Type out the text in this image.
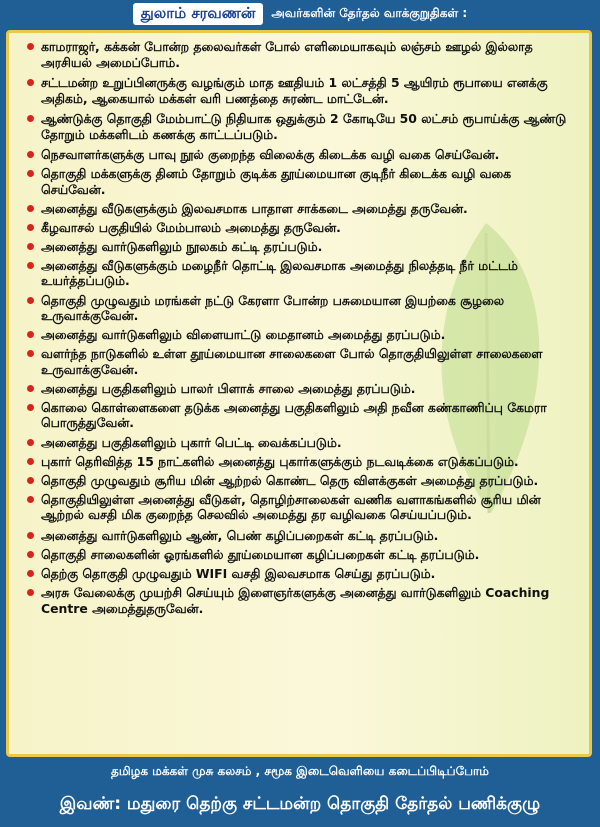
துலாம் சரவணன்	அவர்களின் தேர்தல் வாக்குறுதிகள் :
காமராஜர், கக்கன் போன்ற தலைவர்கள் போல் எளிமையாகவும் லஞ்சம் ஊழல் இல்லாத அரசியல் அமைப்போம்.
சட்டமன்ற உறுப்பினருக்கு வழங்கும் மாத ஊதியம் 1 லட்சத்தி 5 ஆயிரம் ரூபாயை எனக்கு அதிகம், ஆகையால் மக்கள் வரி பணத்தை சுரண்ட மாட்டேன்.
ஆண்டுக்கு தொகுதி மேம்பாட்டு நிதியாக ஒதுக்கும் 2 கோடியே 50 லட்சம் ரூபாய்க்கு ஆண்டு தோறும் மக்களிடம் கணக்கு காட்டப்படும்.
நெசவாளர்களுக்கு பாவு நூல் குறைந்த விலைக்கு கிடைக்க வழி வகை செய்வேன்.
தொகுதி மக்களுக்கு தினம் தோறும் குடிக்க தூய்மையான குடிநீர் கிடைக்க வழி வகை செய்வேன்.
அனைத்து வீடுகளுக்கும் இலவசமாக பாதாள சாக்கடை அமைத்து தருவேன்.
கீழவாசல் பகுதியில் மேம்பாலம் அமைத்து தருவேன்.
அனைத்து வார்டுகளிலும் நூலகம் கட்டி தரப்படும்.
அனைத்து வீடுகளுக்கும் மழைநீர் தொட்டி இலவசமாக அமைத்து நிலத்தடி நீர் மட்டம் உயர்த்தப்படும்.
தொகுதி முழுவதும் மரங்கள் நட்டு கேரளா போன்ற பசுமையான இயற்கை சூழலை உருவாக்குவேன்.
அனைத்து வார்டுகளிலும் விளையாட்டு மைதானம் அமைத்து தரப்படும்.
வளர்ந்த நாடுகளில் உள்ள தூய்மையான சாலைகளை போல் தொகுதியிலுள்ள சாலைகளை உருவாக்குவேன்.
அனைத்து பகுதிகளிலும் பாலர் பிளாக் சாலை அமைத்து தரப்படும்.
கொலை கொள்ளைகளை தடுக்க அனைத்து பகுதிகளிலும் அதி நவீன கண்காணிப்பு கேமரா பொருத்துவேன்.
அனைத்து பகுதிகளிலும் புகார் பெட்டி வைக்கப்படும்.
புகார் தெரிவித்த 15 நாட்களில் அனைத்து புகார்களுக்கும் நடவடிக்கை எடுக்கப்படும்.
தொகுதி முழுவதும் சூரிய மின் ஆற்றல் கொண்ட தெரு விளக்குகள் அமைத்து தரப்படும்.
தொகுதியிலுள்ள அனைத்து வீடுகள், தொழிற்சாலைகள் வணிக வளாகங்களில் சூரிய மின் ஆற்றல் வசதி மிக குறைந்த செலவில் அமைத்து தர வழிவகை செய்யப்படும்.
அனைத்து வார்டுகளிலும் ஆண், பெண் கழிப்பறைகள் கட்டி தரப்படும்.
தொகுதி சாலைகளின் ஓரங்களில் தூய்மையான கழிப்பறைகள் கட்டி தரப்படும்.
தெற்கு தொகுதி முழுவதும் WIFI வசதி இலவசமாக செய்து தரப்படும்.
அரசு வேலைக்கு முயற்சி செய்யும் இளைஞர்களுக்கு அனைத்து வார்டுகளிலும் Coaching Centre அமைத்துதருவேன்.
தமிழக மக்கள் முசு கலசம் , சமூக இடைவெளியை கடைப்பிடிப்போம்
இவண்: மதுரை தெற்கு சட்டமன்ற தொகுதி தேர்தல் பணிக்குழு
